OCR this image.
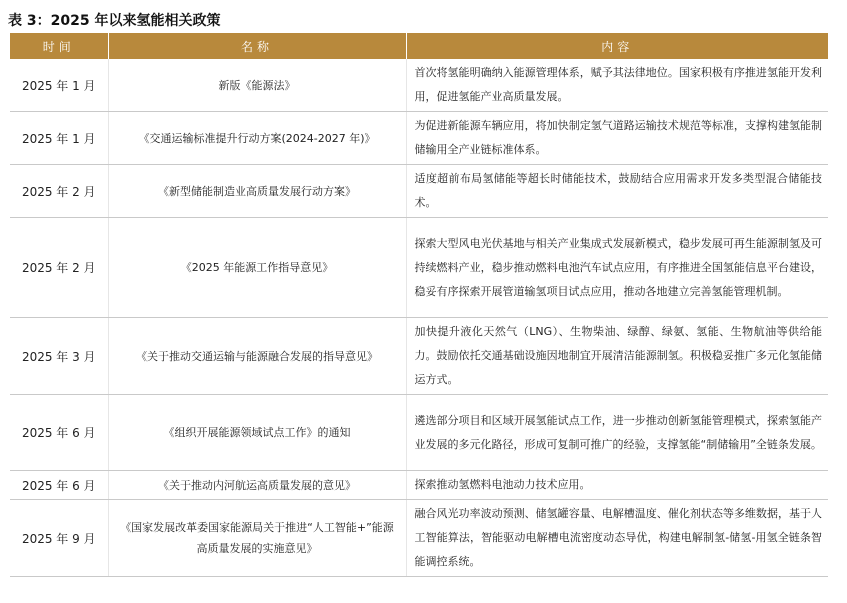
表 3：2025 年以来氢能相关政策
时间	名称	内容
2025 年 1 月	新版《能源法》	首次将氢能明确纳入能源管理体系，赋予其法律地位。国家积极有序推进氢能开发利用，促进氢能产业高质量发展。
2025 年 1 月	《交通运输标准提升行动方案(2024-2027 年)》	为促进新能源车辆应用，将加快制定氢气道路运输技术规范等标准，支撑构建氢能制储输用全产业链标准体系。
2025 年 2 月	《新型储能制造业高质量发展行动方案》	适度超前布局氢储能等超长时储能技术，鼓励结合应用需求开发多类型混合储能技术。
2025 年 2 月	《2025 年能源工作指导意见》	探索大型风电光伏基地与相关产业集成式发展新模式，稳步发展可再生能源制氢及可持续燃料产业，稳步推动燃料电池汽车试点应用，有序推进全国氢能信息平台建设，稳妥有序探索开展管道输氢项目试点应用，推动各地建立完善氢能管理机制。
2025 年 3 月	《关于推动交通运输与能源融合发展的指导意见》	加快提升液化天然气（LNG）、生物柴油、绿醇、绿氨、氢能、生物航油等供给能力。鼓励依托交通基础设施因地制宜开展清洁能源制氢。积极稳妥推广多元化氢能储运方式。
2025 年 6 月	《组织开展能源领域试点工作》的通知	遴选部分项目和区域开展氢能试点工作，进一步推动创新氢能管理模式，探索氢能产业发展的多元化路径，形成可复制可推广的经验，支撑氢能“制储输用”全链条发展。
2025 年 6 月	《关于推动内河航运高质量发展的意见》	探索推动氢燃料电池动力技术应用。
2025 年 9 月	《国家发展改革委国家能源局关于推进“人工智能+”能源高质量发展的实施意见》	融合风光功率波动预测、储氢罐容量、电解槽温度、催化剂状态等多维数据，基于人工智能算法，智能驱动电解槽电流密度动态导优，构建电解制氢-储氢-用氢全链条智能调控系统。
